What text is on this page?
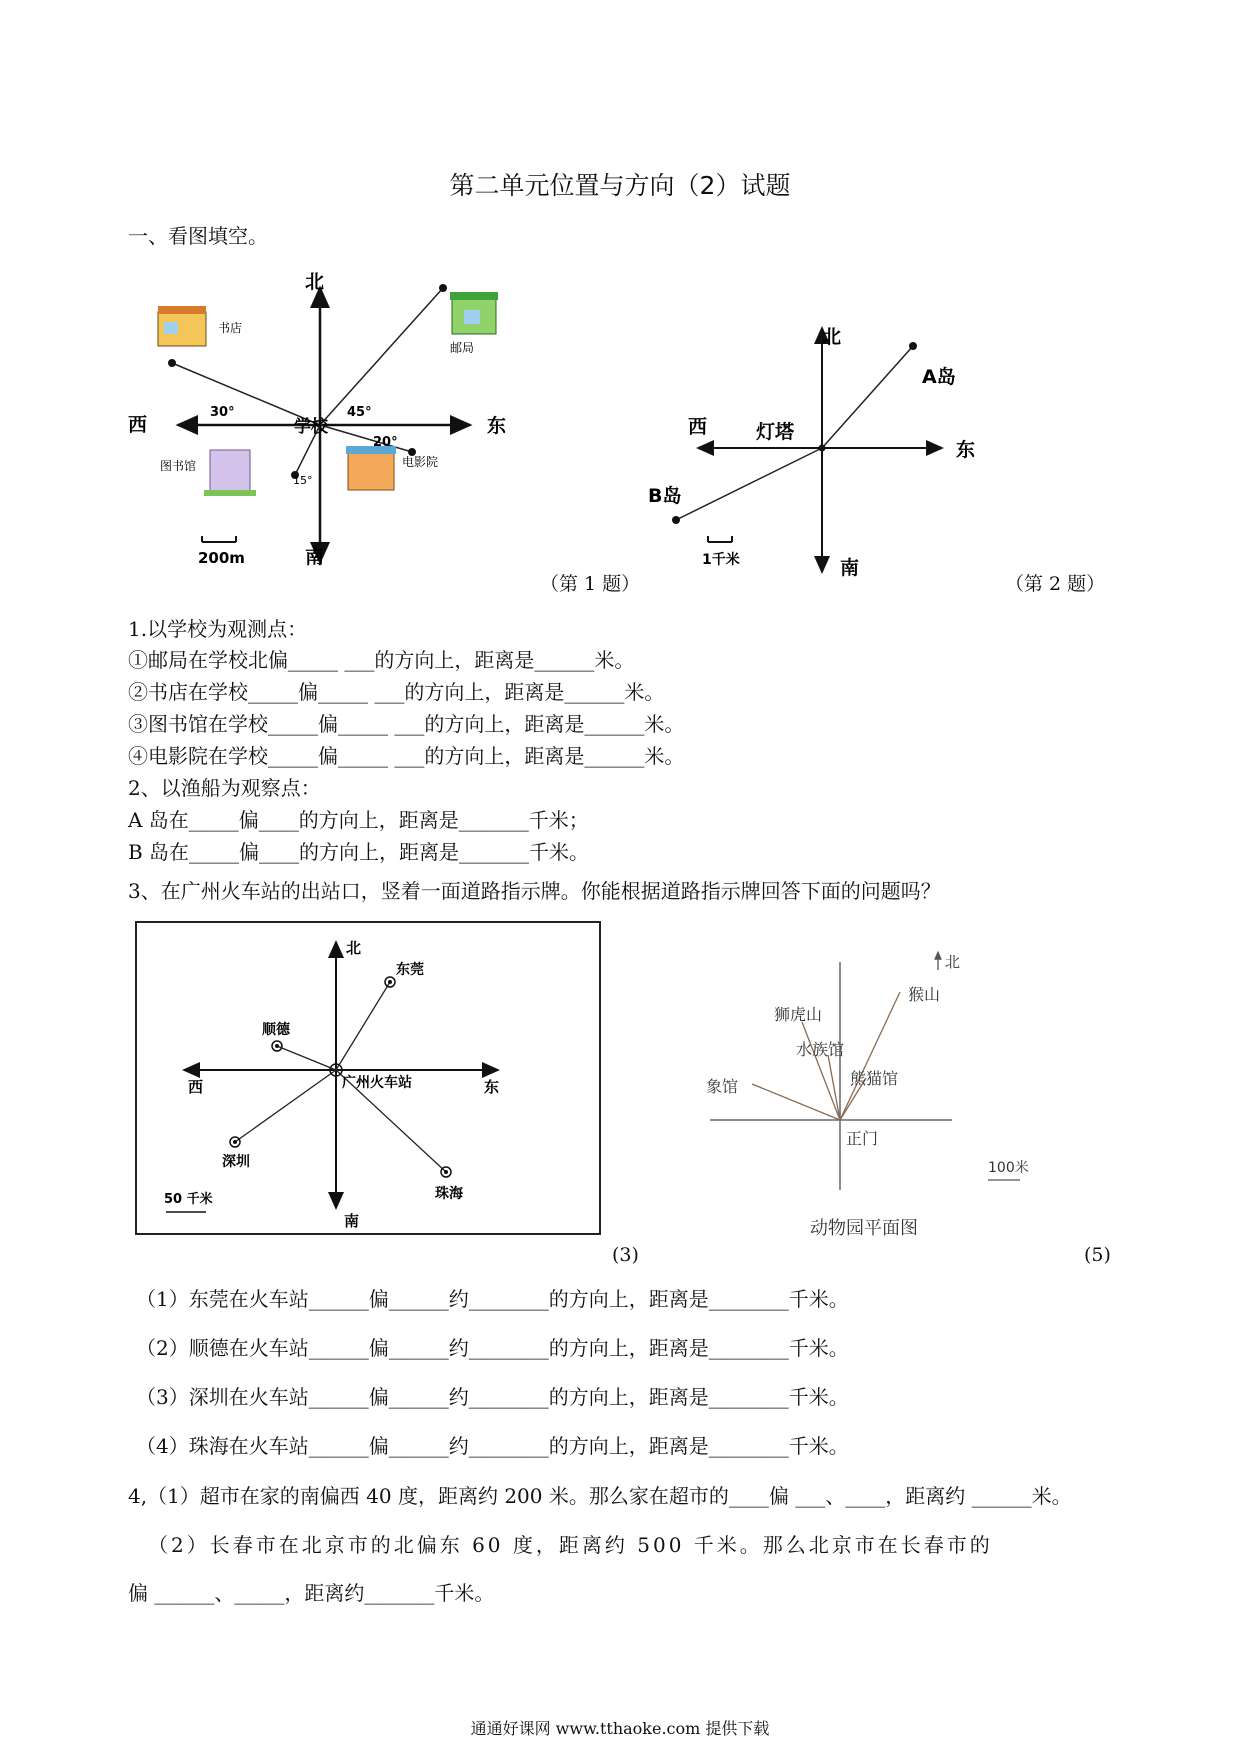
第二单元位置与方向（2）试题
一、看图填空。
北
南
西	东
学校
书店
邮局
图书馆	电影院
30°	45°
20°
15°
200m
（第 1 题）
北
南
西
东
灯塔
A岛
B岛
1千米
（第 2 题）
1.以学校为观测点：
①邮局在学校北偏_____ ___的方向上，距离是______米。
②书店在学校_____偏_____ ___的方向上，距离是______米。
③图书馆在学校_____偏_____ ___的方向上，距离是______米。
④电影院在学校_____偏_____ ___的方向上，距离是______米。
2、以渔船为观察点：
A 岛在_____偏____的方向上，距离是_______千米；
B 岛在_____偏____的方向上，距离是_______千米。
3、在广州火车站的出站口，竖着一面道路指示牌。你能根据道路指示牌回答下面的问题吗？
北
南
西	东
广州火车站
东莞
顺德
深圳
珠海
50 千米
(3)
北
狮虎山
猴山
水族馆
熊猫馆
象馆
正门
100米
动物园平面图
(5)
（1）东莞在火车站______偏______约________的方向上，距离是________千米。
（2）顺德在火车站______偏______约________的方向上，距离是________千米。
（3）深圳在火车站______偏______约________的方向上，距离是________千米。
（4）珠海在火车站______偏______约________的方向上，距离是________千米。
4,（1）超市在家的南偏西 40 度，距离约 200 米。那么家在超市的____偏 ___、____，距离约 ______米。
（2）长春市在北京市的北偏东 60 度，距离约 500 千米。那么北京市在长春市的
偏 ______、_____，距离约_______千米。
通通好课网 www.tthaoke.com 提供下载
